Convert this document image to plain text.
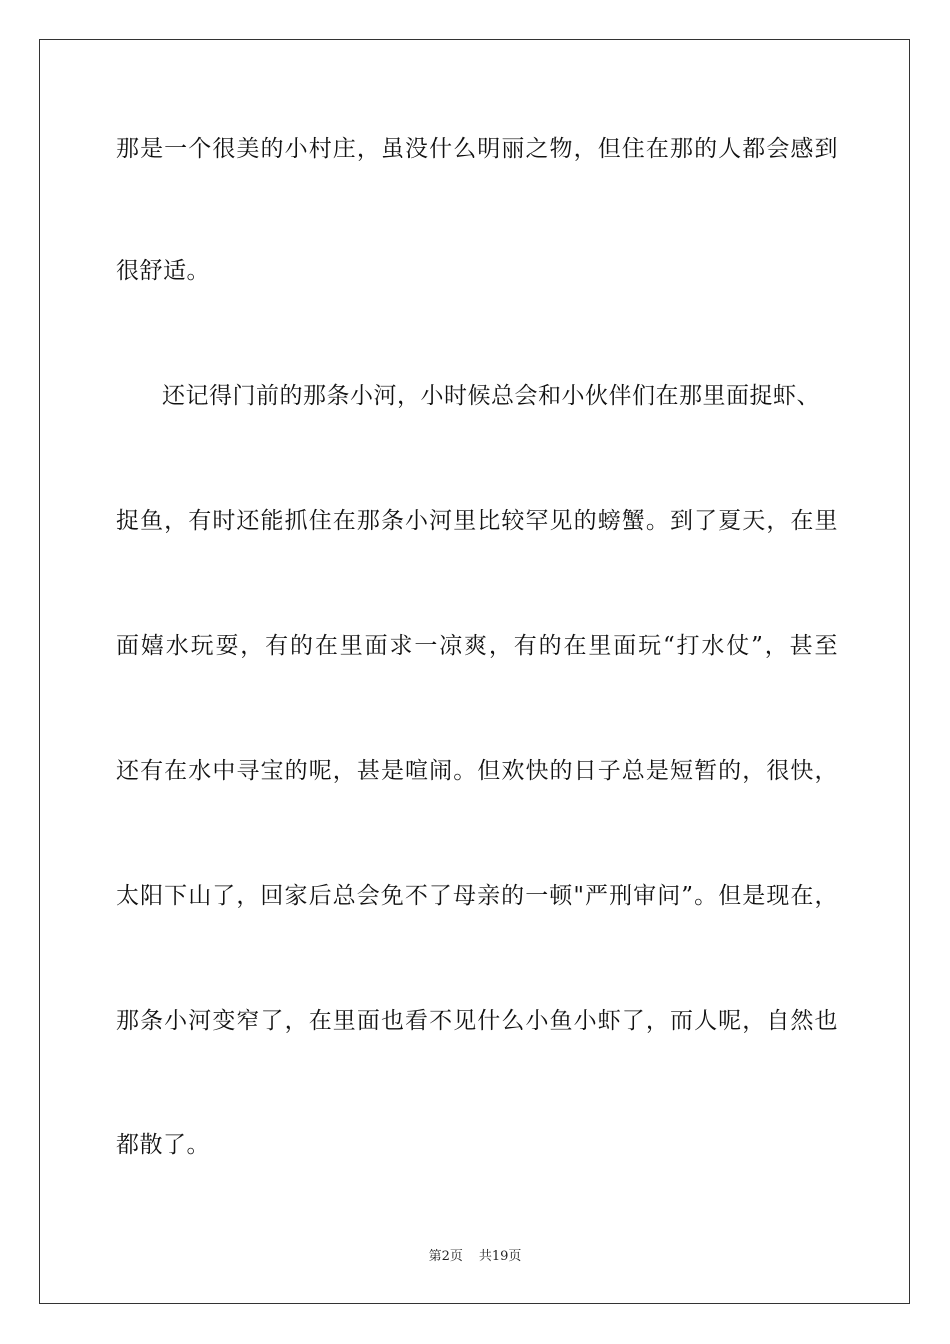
那是一个很美的小村庄，虽没什么明丽之物，但住在那的人都会感到
很舒适。
还记得门前的那条小河，小时候总会和小伙伴们在那里面捉虾、
捉鱼，有时还能抓住在那条小河里比较罕见的螃蟹。到了夏天，在里
面嬉水玩耍，有的在里面求一凉爽，有的在里面玩“打水仗”，甚至
还有在水中寻宝的呢，甚是喧闹。但欢快的日子总是短暂的，很快，
太阳下山了，回家后总会免不了母亲的一顿"严刑审问”。但是现在，
那条小河变窄了，在里面也看不见什么小鱼小虾了，而人呢，自然也
都散了。
第2页 共19页
